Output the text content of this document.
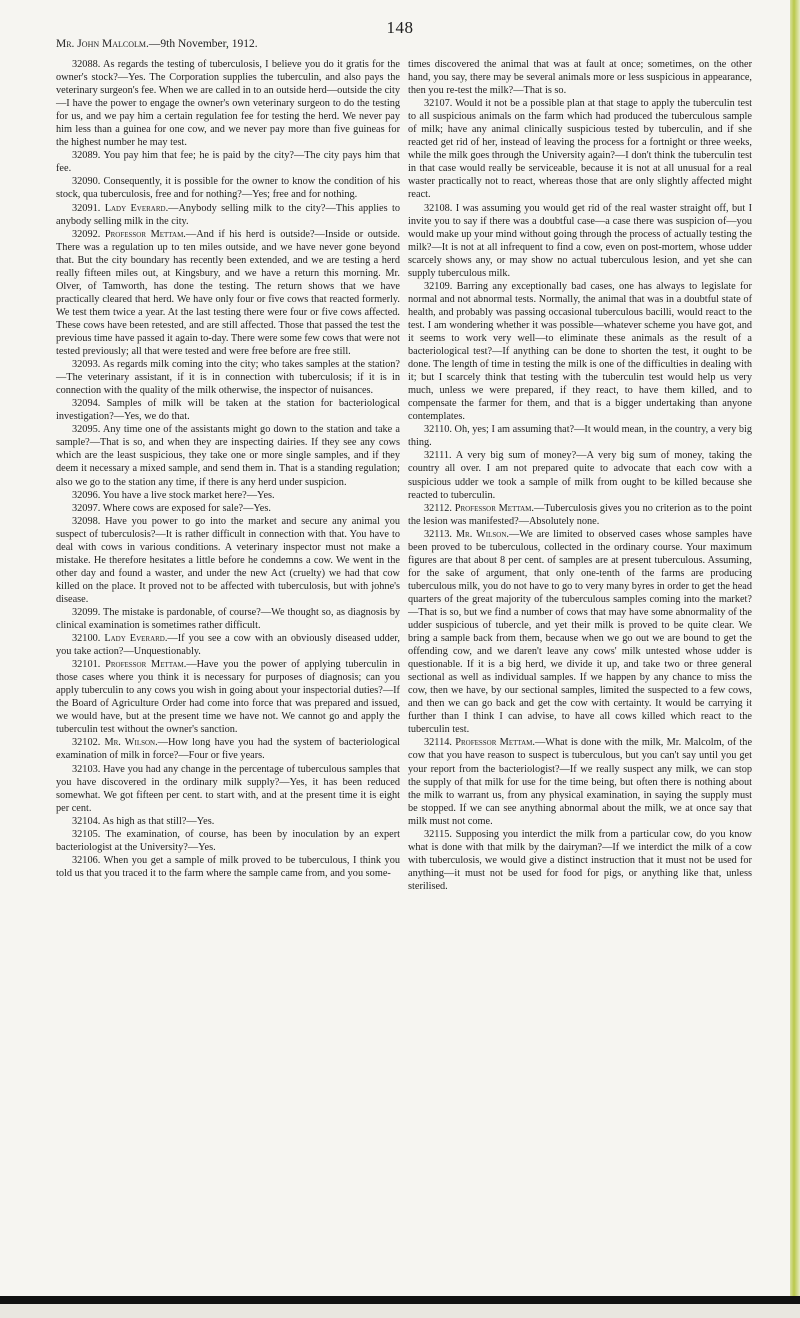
148
Mr. John Malcolm.—9th November, 1912.

32088. As regards the testing of tuberculosis, I believe you do it gratis for the owner's stock?—Yes. The Corporation supplies the tuberculin, and also pays the veterinary surgeon's fee. When we are called in to an outside herd—outside the city—I have the power to engage the owner's own veterinary surgeon to do the testing for us, and we pay him a certain regulation fee for testing the herd. We never pay him less than a guinea for one cow, and we never pay more than five guineas for the highest number he may test.

32089. You pay him that fee; he is paid by the city?—The city pays him that fee.

32090. Consequently, it is possible for the owner to know the condition of his stock, qua tuberculosis, free and for nothing?—Yes; free and for nothing.

32091. Lady Everard.—Anybody selling milk to the city?—This applies to anybody selling milk in the city.

32092. Professor Mettam.—And if his herd is outside?—Inside or outside. There was a regulation up to ten miles outside, and we have never gone beyond that. But the city boundary has recently been extended, and we are testing a herd really fifteen miles out, at Kingsbury, and we have a return this morning. Mr. Olver, of Tamworth, has done the testing. The return shows that we have practically cleared that herd. We have only four or five cows that reacted formerly. We test them twice a year. At the last testing there were four or five cows affected. These cows have been retested, and are still affected. Those that passed the test the previous time have passed it again to-day. There were some few cows that were not tested previously; all that were tested and were free before are free still.

32093. As regards milk coming into the city; who takes samples at the station?—The veterinary assistant, if it is in connection with tuberculosis; if it is in connection with the quality of the milk otherwise, the inspector of nuisances.

32094. Samples of milk will be taken at the station for bacteriological investigation?—Yes, we do that.

32095. Any time one of the assistants might go down to the station and take a sample?—That is so, and when they are inspecting dairies. If they see any cows which are the least suspicious, they take one or more single samples, and if they deem it necessary a mixed sample, and send them in. That is a standing regulation; also we go to the station any time, if there is any herd under suspicion.

32096. You have a live stock market here?—Yes.

32097. Where cows are exposed for sale?—Yes.

32098. Have you power to go into the market and secure any animal you suspect of tuberculosis?—It is rather difficult in connection with that. You have to deal with cows in various conditions. A veterinary inspector must not make a mistake. He therefore hesitates a little before he condemns a cow. We went in the other day and found a waster, and under the new Act (cruelty) we had that cow killed on the place. It proved not to be affected with tuberculosis, but with johne's disease.

32099. The mistake is pardonable, of course?—We thought so, as diagnosis by clinical examination is sometimes rather difficult.

32100. Lady Everard.—If you see a cow with an obviously diseased udder, you take action?—Unquestionably.

32101. Professor Mettam.—Have you the power of applying tuberculin in those cases where you think it is necessary for purposes of diagnosis; can you apply tuberculin to any cows you wish in going about your inspectorial duties?—If the Board of Agriculture Order had come into force that was prepared and issued, we would have, but at the present time we have not. We cannot go and apply the tuberculin test without the owner's sanction.

32102. Mr. Wilson.—How long have you had the system of bacteriological examination of milk in force?—Four or five years.

32103. Have you had any change in the percentage of tuberculous samples that you have discovered in the ordinary milk supply?—Yes, it has been reduced somewhat. We got fifteen per cent. to start with, and at the present time it is eight per cent.

32104. As high as that still?—Yes.

32105. The examination, of course, has been by inoculation by an expert bacteriologist at the University?—Yes.

32106. When you get a sample of milk proved to be tuberculous, I think you told us that you traced it to the farm where the sample came from, and you some-

times discovered the animal that was at fault at once; sometimes, on the other hand, you say, there may be several animals more or less suspicious in appearance, then you re-test the milk?—That is so.

32107. Would it not be a possible plan at that stage to apply the tuberculin test to all suspicious animals on the farm which had produced the tuberculous sample of milk; have any animal clinically suspicious tested by tuberculin, and if she reacted get rid of her, instead of leaving the process for a fortnight or three weeks, while the milk goes through the University again?—I don't think the tuberculin test in that case would really be serviceable, because it is not at all unusual for a real waster practically not to react, whereas those that are only slightly affected might react.

32108. I was assuming you would get rid of the real waster straight off, but I invite you to say if there was a doubtful case—a case there was suspicion of—you would make up your mind without going through the process of actually testing the milk?—It is not at all infrequent to find a cow, even on post-mortem, whose udder scarcely shows any, or may show no actual tuberculous lesion, and yet she can supply tuberculous milk.

32109. Barring any exceptionally bad cases, one has always to legislate for normal and not abnormal tests. Normally, the animal that was in a doubtful state of health, and probably was passing occasional tuberculous bacilli, would react to the test. I am wondering whether it was possible—whatever scheme you have got, and it seems to work very well—to eliminate these animals as the result of a bacteriological test?—If anything can be done to shorten the test, it ought to be done. The length of time in testing the milk is one of the difficulties in dealing with it; but I scarcely think that testing with the tuberculin test would help us very much, unless we were prepared, if they react, to have them killed, and to compensate the farmer for them, and that is a bigger undertaking than anyone contemplates.

32110. Oh, yes; I am assuming that?—It would mean, in the country, a very big thing.

32111. A very big sum of money?—A very big sum of money, taking the country all over. I am not prepared quite to advocate that each cow with a suspicious udder we took a sample of milk from ought to be killed because she reacted to tuberculin.

32112. Professor Mettam.—Tuberculosis gives you no criterion as to the point the lesion was manifested?—Absolutely none.

32113. Mr. Wilson.—We are limited to observed cases whose samples have been proved to be tuberculous, collected in the ordinary course. Your maximum figures are that about 8 per cent. of samples are at present tuberculous. Assuming, for the sake of argument, that only one-tenth of the farms are producing tuberculous milk, you do not have to go to very many byres in order to get the head quarters of the great majority of the tuberculous samples coming into the market?—That is so, but we find a number of cows that may have some abnormality of the udder suspicious of tubercle, and yet their milk is proved to be quite clear. We bring a sample back from them, because when we go out we are bound to get the offending cow, and we daren't leave any cows' milk untested whose udder is questionable. If it is a big herd, we divide it up, and take two or three general sectional as well as individual samples. If we happen by any chance to miss the cow, then we have, by our sectional samples, limited the suspected to a few cows, and then we can go back and get the cow with certainty. It would be carrying it further than I think I can advise, to have all cows killed which react to the tuberculin test.

32114. Professor Mettam.—What is done with the milk, Mr. Malcolm, of the cow that you have reason to suspect is tuberculous, but you can't say until you get your report from the bacteriologist?—If we really suspect any milk, we can stop the supply of that milk for use for the time being, but often there is nothing about the milk to warrant us, from any physical examination, in saying the supply must be stopped. If we can see anything abnormal about the milk, we at once say that milk must not come.

32115. Supposing you interdict the milk from a particular cow, do you know what is done with that milk by the dairyman?—If we interdict the milk of a cow with tuberculosis, we would give a distinct instruction that it must not be used for anything—it must not be used for food for pigs, or anything like that, unless sterilised.
